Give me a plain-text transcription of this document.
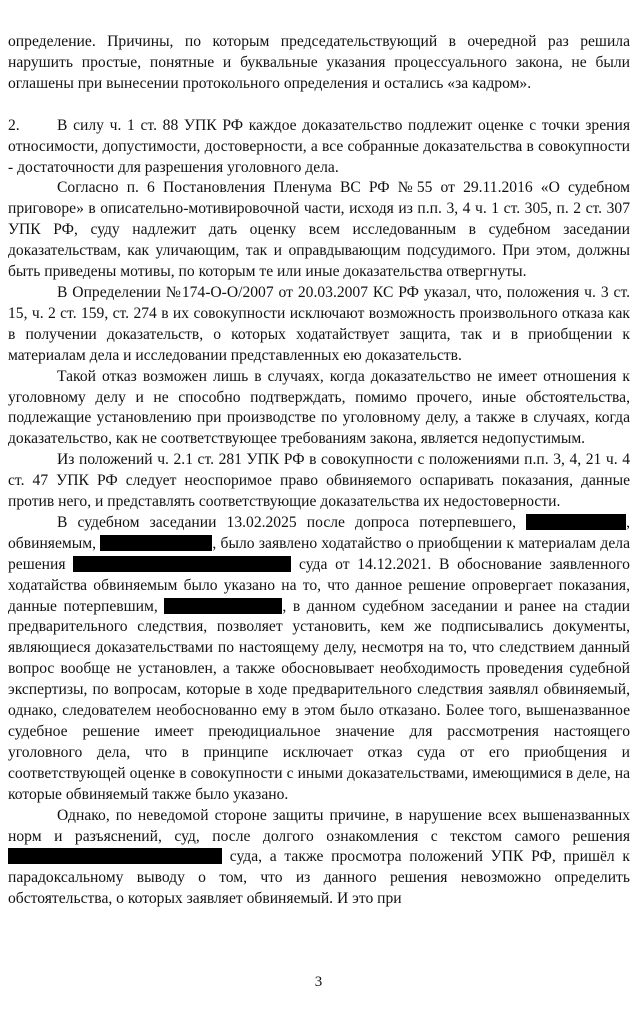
определение. Причины, по которым председательствующий в очередной раз решила нарушить простые, понятные и буквальные указания процессуального закона, не были оглашены при вынесении протокольного определения и остались «за кадром».

2. В силу ч. 1 ст. 88 УПК РФ каждое доказательство подлежит оценке с точки зрения относимости, допустимости, достоверности, а все собранные доказательства в совокупности - достаточности для разрешения уголовного дела.

Согласно п. 6 Постановления Пленума ВС РФ №55 от 29.11.2016 «О судебном приговоре» в описательно-мотивировочной части, исходя из п.п. 3, 4 ч. 1 ст. 305, п. 2 ст. 307 УПК РФ, суду надлежит дать оценку всем исследованным в судебном заседании доказательствам, как уличающим, так и оправдывающим подсудимого. При этом, должны быть приведены мотивы, по которым те или иные доказательства отвергнуты.

В Определении №174-О-О/2007 от 20.03.2007 КС РФ указал, что, положения ч. 3 ст. 15, ч. 2 ст. 159, ст. 274 в их совокупности исключают возможность произвольного отказа как в получении доказательств, о которых ходатайствует защита, так и в приобщении к материалам дела и исследовании представленных ею доказательств.

Такой отказ возможен лишь в случаях, когда доказательство не имеет отношения к уголовному делу и не способно подтверждать, помимо прочего, иные обстоятельства, подлежащие установлению при производстве по уголовному делу, а также в случаях, когда доказательство, как не соответствующее требованиям закона, является недопустимым.

Из положений ч. 2.1 ст. 281 УПК РФ в совокупности с положениями п.п. 3, 4, 21 ч. 4 ст. 47 УПК РФ следует неоспоримое право обвиняемого оспаривать показания, данные против него, и представлять соответствующие доказательства их недостоверности.

В судебном заседании 13.02.2025 после допроса потерпевшего,	, обвиняемым,	, было заявлено ходатайство о приобщении к материалам дела решения	суда от 14.12.2021. В обоснование заявленного ходатайства обвиняемым было указано на то, что данное решение опровергает показания, данные потерпевшим,	, в данном судебном заседании и ранее на стадии предварительного следствия, позволяет установить, кем же подписывались документы, являющиеся доказательствами по настоящему делу, несмотря на то, что следствием данный вопрос вообще не установлен, а также обосновывает необходимость проведения судебной экспертизы, по вопросам, которые в ходе предварительного следствия заявлял обвиняемый, однако, следователем необоснованно ему в этом было отказано. Более того, вышеназванное судебное решение имеет преюдициальное значение для рассмотрения настоящего уголовного дела, что в принципе исключает отказ суда от его приобщения и соответствующей оценке в совокупности с иными доказательствами, имеющимися в деле, на которые обвиняемый также было указано.

Однако, по неведомой стороне защиты причине, в нарушение всех вышеназванных норм и разъяснений, суд, после долгого ознакомления с текстом самого решения  суда, а также просмотра положений УПК РФ, пришёл к парадоксальному выводу о том, что из данного решения невозможно определить обстоятельства, о которых заявляет обвиняемый. И это при

3
